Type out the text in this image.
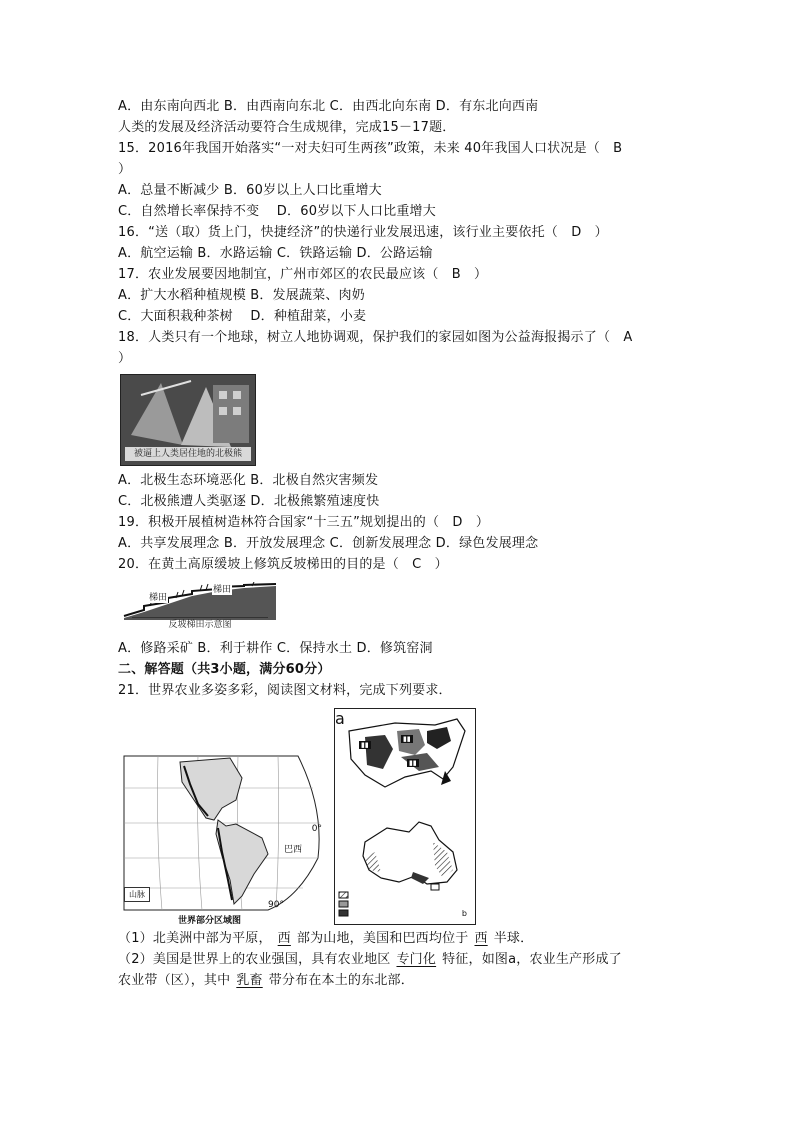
A．由东南向西北 B．由西南向东北 C．由西北向东南 D．有东北向西南
人类的发展及经济活动要符合生成规律，完成15－17题．
15．2016年我国开始落实“一对夫妇可生两孩”政策，未来 40年我国人口状况是（　B
）
A．总量不断减少 B．60岁以上人口比重增大
C．自然增长率保持不变　 D．60岁以下人口比重增大
16．“送（取）货上门，快捷经济”的快递行业发展迅速，该行业主要依托（　D　）
A．航空运输 B．水路运输 C．铁路运输 D．公路运输
17．农业发展要因地制宜，广州市郊区的农民最应该（　B　）
A．扩大水稻种植规模 B．发展蔬菜、肉奶
C．大面积栽种茶树　 D．种植甜菜，小麦
18．人类只有一个地球，树立人地协调观，保护我们的家园如图为公益海报揭示了（　A
）
被逼上人类居住地的北极熊
A．北极生态环境恶化 B．北极自然灾害频发
C．北极熊遭人类驱逐 D．北极熊繁殖速度快
19．积极开展植树造林符合国家“十三五”规划提出的（　D　）
A．共享发展理念 B．开放发展理念 C．创新发展理念 D．绿色发展理念
20．在黄土高原缓坡上修筑反坡梯田的目的是（　C　）
梯田
梯田
反坡梯田示意图
A．修路采矿 B．利于耕作 C．保持水土 D．修筑窑洞
二、解答题（共3小题，满分60分）
21．世界农业多姿多彩，阅读图文材料，完成下列要求．
山脉
巴西
0°
90°
世界部分区域图
▮▮
▮▮
▮▮
a
b
（1）北美洲中部为平原， 西 部为山地，美国和巴西均位于 西 半球．
（2）美国是世界上的农业强国，具有农业地区 专门化 特征，如图a，农业生产形成了
农业带（区），其中 乳畜 带分布在本土的东北部．
